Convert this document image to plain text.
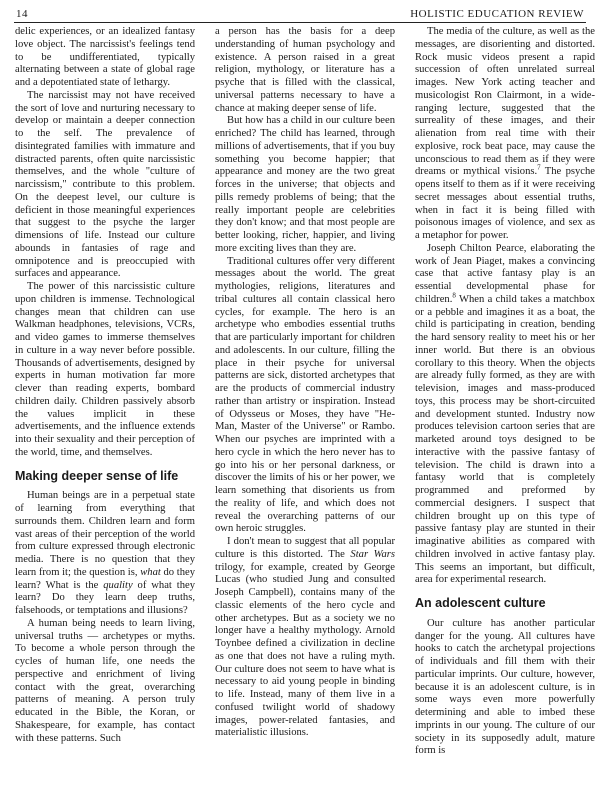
14	HOLISTIC EDUCATION REVIEW

delic experiences, or an idealized fantasy love object. The narcissist's feelings tend to be undifferentiated, typically alternating between a state of global rage and a depotentiated state of lethargy.

The narcissist may not have received the sort of love and nurturing necessary to develop or maintain a deeper connection to the self. The prevalence of disintegrated families with immature and distracted parents, often quite narcissistic themselves, and the whole "culture of narcissism," contribute to this problem. On the deepest level, our culture is deficient in those meaningful experiences that suggest to the psyche the larger dimensions of life. Instead our culture abounds in fantasies of rage and omnipotence and is preoccupied with surfaces and appearance.

The power of this narcissistic culture upon children is immense. Technological changes mean that children can use Walkman headphones, televisions, VCRs, and video games to immerse themselves in culture in a way never before possible. Thousands of advertisements, designed by experts in human motivation far more clever than reading experts, bombard children daily. Children passively absorb the values implicit in these advertisements, and the influence extends into their sexuality and their perception of the world, time, and themselves.

Making deeper sense of life

Human beings are in a perpetual state of learning from everything that surrounds them. Children learn and form vast areas of their perception of the world from culture expressed through electronic media. There is no question that they learn from it; the question is, what do they learn? What is the quality of what they learn? Do they learn deep truths, falsehoods, or temptations and illusions?

A human being needs to learn living, universal truths — archetypes or myths. To become a whole person through the cycles of human life, one needs the perspective and enrichment of living contact with the great, overarching patterns of meaning. A person truly educated in the Bible, the Koran, or Shakespeare, for example, has contact with these patterns. Such

a person has the basis for a deep understanding of human psychology and existence. A person raised in a great religion, mythology, or literature has a psyche that is filled with the classical, universal patterns necessary to have a chance at making deeper sense of life.

But how has a child in our culture been enriched? The child has learned, through millions of advertisements, that if you buy something you become happier; that appearance and money are the two great forces in the universe; that objects and pills remedy problems of being; that the really important people are celebrities they don't know; and that most people are better looking, richer, happier, and living more exciting lives than they are.

Traditional cultures offer very different messages about the world. The great mythologies, religions, literatures and tribal cultures all contain classical hero cycles, for example. The hero is an archetype who embodies essential truths that are particularly important for children and adolescents. In our culture, filling the place in their psyche for universal patterns are sick, distorted archetypes that are the products of commercial industry rather than artistry or inspiration. Instead of Odysseus or Moses, they have "He-Man, Master of the Universe" or Rambo. When our psyches are imprinted with a hero cycle in which the hero never has to go into his or her personal darkness, or discover the limits of his or her power, we learn something that disorients us from the reality of life, and which does not reveal the overarching patterns of our own heroic struggles.

I don't mean to suggest that all popular culture is this distorted. The Star Wars trilogy, for example, created by George Lucas (who studied Jung and consulted Joseph Campbell), contains many of the classic elements of the hero cycle and other archetypes. But as a society we no longer have a healthy mythology. Arnold Toynbee defined a civilization in decline as one that does not have a ruling myth. Our culture does not seem to have what is necessary to aid young people in binding to life. Instead, many of them live in a confused twilight world of shadowy images, power-related fantasies, and materialistic illusions.

The media of the culture, as well as the messages, are disorienting and distorted. Rock music videos present a rapid succession of often unrelated surreal images. New York acting teacher and musicologist Ron Clairmont, in a wide-ranging lecture, suggested that the surreality of these images, and their alienation from real time with their explosive, rock beat pace, may cause the unconscious to read them as if they were dreams or mythical visions.$^7$ The psyche opens itself to them as if it were receiving secret messages about essential truths, when in fact it is being filled with poisonous images of violence, and sex as a metaphor for power.

Joseph Chilton Pearce, elaborating the work of Jean Piaget, makes a convincing case that active fantasy play is an essential developmental phase for children.$^8$ When a child takes a matchbox or a pebble and imagines it as a boat, the child is participating in creation, bending the hard sensory reality to meet his or her inner world. But there is an obvious corollary to this theory. When the objects are already fully formed, as they are with television, images and mass-produced toys, this process may be short-circuited and development stunted. Industry now produces television cartoon series that are marketed around toys designed to be interactive with the passive fantasy of television. The child is drawn into a fantasy world that is completely programmed and preformed by commercial designers. I suspect that children brought up on this type of passive fantasy play are stunted in their imaginative abilities as compared with children involved in active fantasy play. This seems an important, but difficult, area for experimental research.

An adolescent culture

Our culture has another particular danger for the young. All cultures have hooks to catch the archetypal projections of individuals and fill them with their particular imprints. Our culture, however, because it is an adolescent culture, is in some ways even more powerfully determining and able to imbed these imprints in our young. The culture of our society in its supposedly adult, mature form is
